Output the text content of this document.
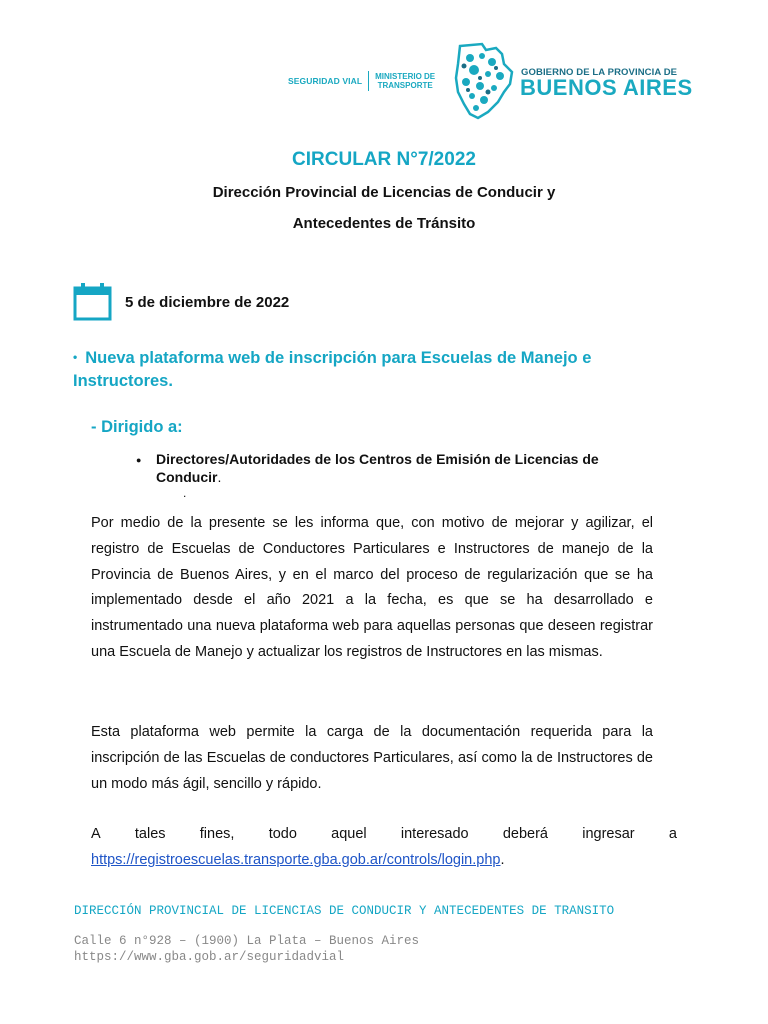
SEGURIDAD VIAL MINISTERIO DE
TRANSPORTE
GOBIERNO DE LA PROVINCIA DE
BUENOS AIRES
CIRCULAR N°7/2022
Dirección Provincial de Licencias de Conducir y
Antecedentes de Tránsito
5 de diciembre de 2022
• Nueva plataforma web de inscripción para Escuelas de Manejo e Instructores.
- Dirigido a:
● Directores/Autoridades de los Centros de Emisión de Licencias de Conducir.
.
Por medio de la presente se les informa que, con motivo de mejorar y agilizar, el registro de Escuelas de Conductores Particulares e Instructores de manejo de la Provincia de Buenos Aires, y en el marco del proceso de regularización que se ha implementado desde el año 2021 a la fecha, es que se ha desarrollado e instrumentado una nueva plataforma web para aquellas personas que deseen registrar una Escuela de Manejo y actualizar los registros de Instructores en las mismas.
Esta plataforma web permite la carga de la documentación requerida para la inscripción de las Escuelas de conductores Particulares, así como la de Instructores de un modo más ágil, sencillo y rápido.
A tales fines, todo aquel interesado deberá ingresar a
https://registroescuelas.transporte.gba.gob.ar/controls/login.php.
DIRECCIÓN PROVINCIAL DE LICENCIAS DE CONDUCIR Y ANTECEDENTES DE TRANSITO
Calle 6 n°928 – (1900) La Plata – Buenos Aires
https://www.gba.gob.ar/seguridadvial
